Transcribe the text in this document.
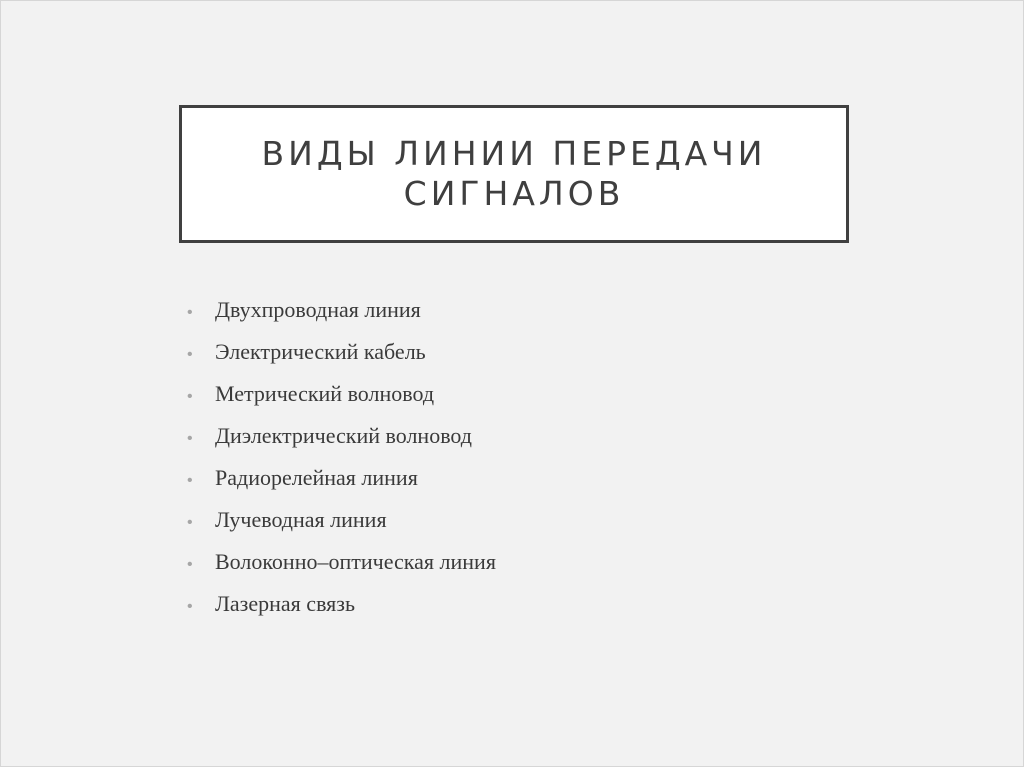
ВИДЫ ЛИНИИ ПЕРЕДАЧИ
СИГНАЛОВ
•	Двухпроводная линия
•	Электрический кабель
•	Метрический волновод
•	Диэлектрический волновод
•	Радиорелейная линия
•	Лучеводная линия
•	Волоконно–оптическая линия
•	Лазерная связь
